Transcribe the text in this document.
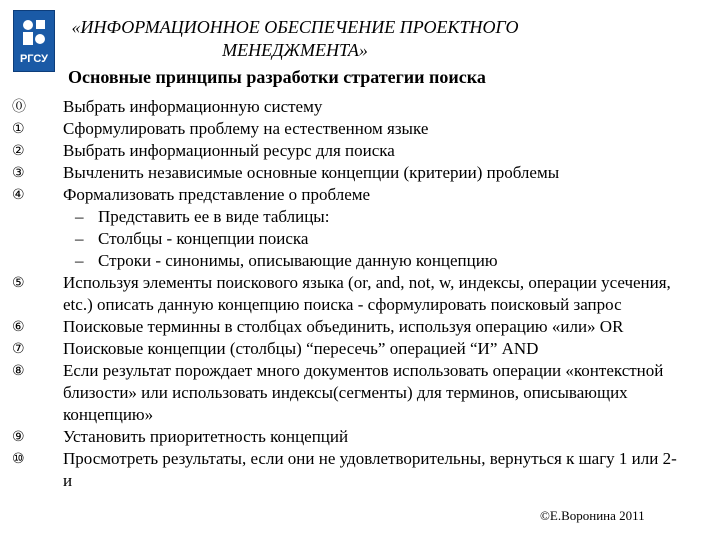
РГСУ
«ИНФОРМАЦИОННОЕ ОБЕСПЕЧЕНИЕ ПРОЕКТНОГО
МЕНЕДЖМЕНТА»
Основные принципы разработки стратегии поиска
⓪	Выбрать информационную систему
①	Сформулировать проблему на естественном языке
②	Выбрать информационный ресурс для поиска
③	Вычленить независимые основные концепции (критерии) проблемы
④	Формализовать представление о проблеме
– Представить ее в виде таблицы:
– Столбцы - концепции поиска
– Строки - синонимы, описывающие данную концепцию
⑤	Используя элементы поискового языка (or, and, not, w, индексы, операции усечения, etc.) описать данную концепцию поиска - сформулировать поисковый запрос
⑥	Поисковые терминны в столбцах объединить, используя операцию «или» OR
⑦	Поисковые концепции (столбцы) “пересечь” операцией “И” AND
⑧	Если результат порождает много документов использовать операции «контекстной близости» или использовать индексы(сегменты) для терминов, описывающих концепцию»
⑨	Установить приоритетность концепций
⑩	Просмотреть результаты, если они не удовлетворительны, вернуться к шагу 1 или 2- и
©Е.Воронина 2011
